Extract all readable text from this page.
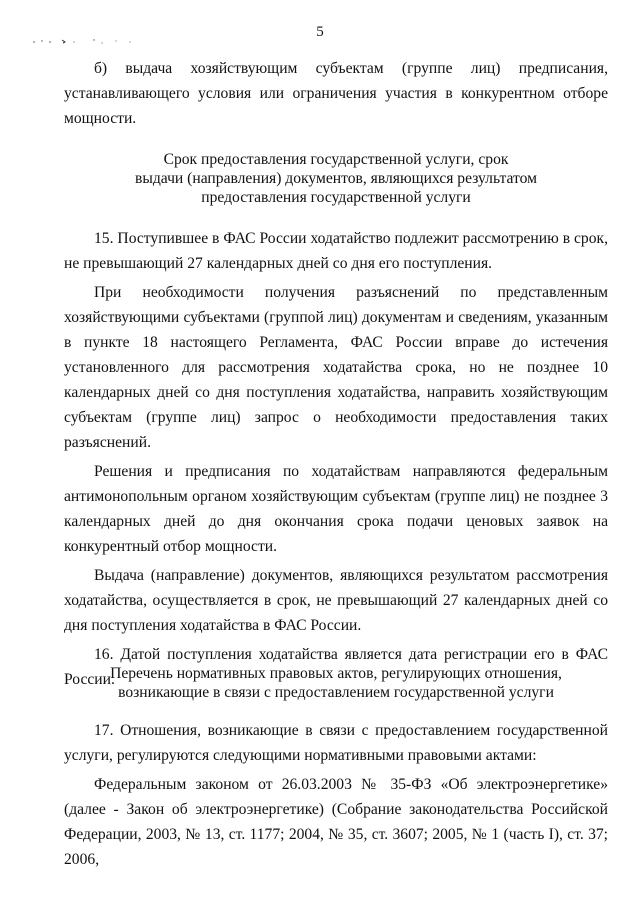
5

б) выдача хозяйствующим субъектам (группе лиц) предписания, устанавливающего условия или ограничения участия в конкурентном отборе мощности.

Срок предоставления государственной услуги, срок
выдачи (направления) документов, являющихся результатом
предоставления государственной услуги

15. Поступившее в ФАС России ходатайство подлежит рассмотрению в срок, не превышающий 27 календарных дней со дня его поступления.

При необходимости получения разъяснений по представленным хозяйствующими субъектами (группой лиц) документам и сведениям, указанным в пункте 18 настоящего Регламента, ФАС России вправе до истечения установленного для рассмотрения ходатайства срока, но не позднее 10 календарных дней со дня поступления ходатайства, направить хозяйствующим субъектам (группе лиц) запрос о необходимости предоставления таких разъяснений.

Решения и предписания по ходатайствам направляются федеральным антимонопольным органом хозяйствующим субъектам (группе лиц) не позднее 3 календарных дней до дня окончания срока подачи ценовых заявок на конкурентный отбор мощности.

Выдача (направление) документов, являющихся результатом рассмотрения ходатайства, осуществляется в срок, не превышающий 27 календарных дней со дня поступления ходатайства в ФАС России.

16. Датой поступления ходатайства является дата регистрации его в ФАС России.

Перечень нормативных правовых актов, регулирующих отношения,
возникающие в связи с предоставлением государственной услуги

17. Отношения, возникающие в связи с предоставлением государственной услуги, регулируются следующими нормативными правовыми актами:

Федеральным законом от 26.03.2003 № 35-ФЗ «Об электроэнергетике» (далее - Закон об электроэнергетике) (Собрание законодательства Российской Федерации, 2003, № 13, ст. 1177; 2004, № 35, ст. 3607; 2005, № 1 (часть I), ст. 37; 2006,
